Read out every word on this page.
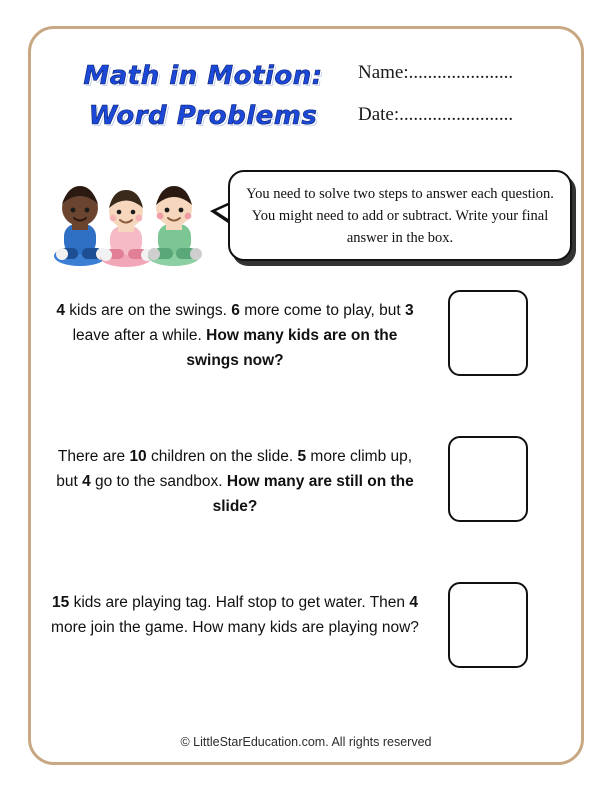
Math in Motion:
Word Problems
Name:......................
Date:........................
You need to solve two steps to answer each question. You might need to add or subtract. Write your final answer in the box.
4 kids are on the swings. 6 more come to play, but 3 leave after a while. How many kids are on the swings now?
There are 10 children on the slide. 5 more climb up, but 4 go to the sandbox. How many are still on the slide?
15 kids are playing tag. Half stop to get water. Then 4 more join the game. How many kids are playing now?
© LittleStarEducation.com. All rights reserved
